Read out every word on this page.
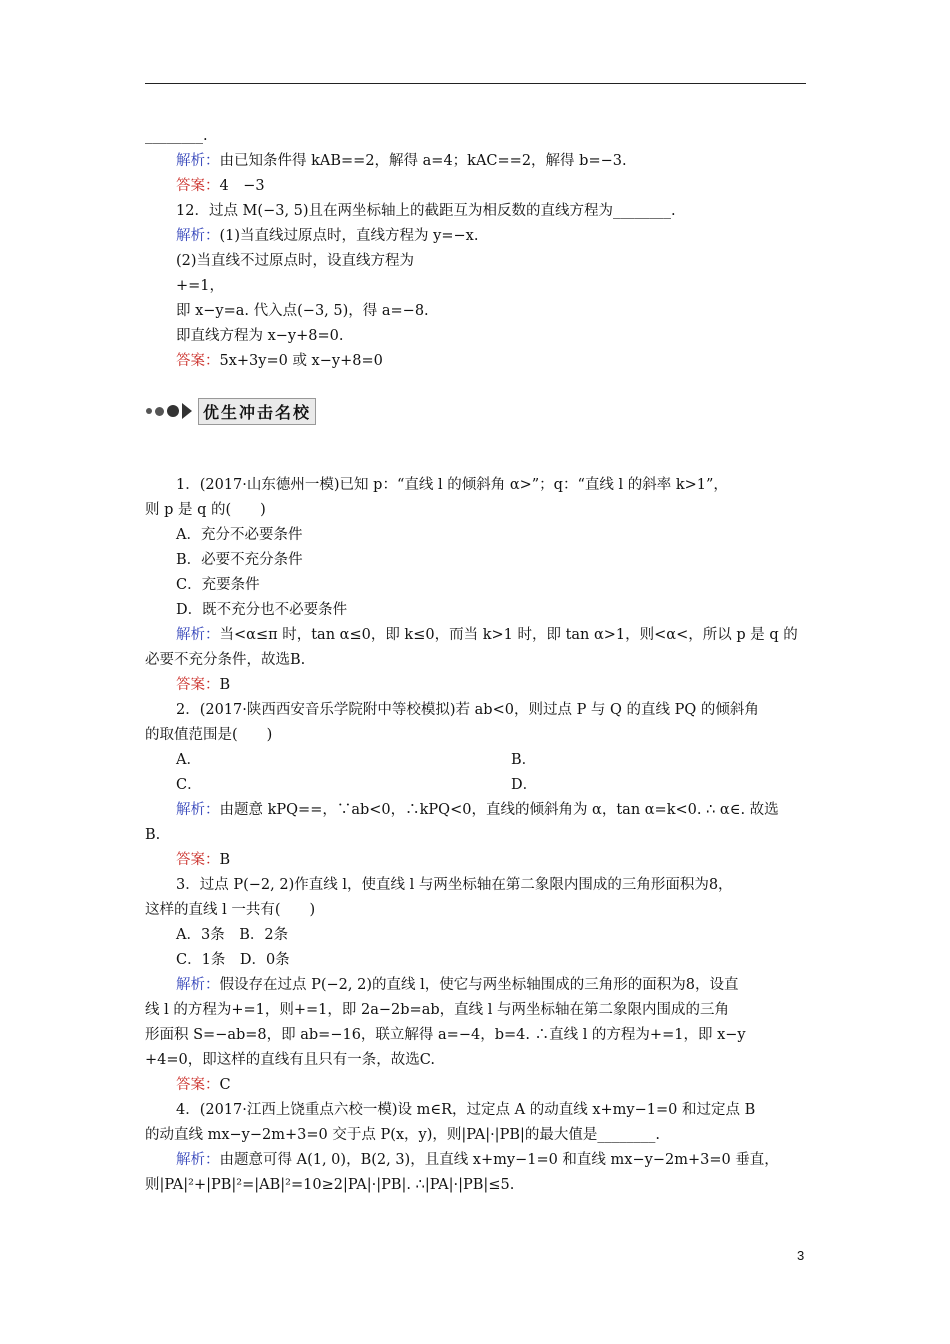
________.
解析：由已知条件得 kAB==2，解得 a=4；kAC==2，解得 b=−3.
答案：4　−3
12．过点 M(−3, 5)且在两坐标轴上的截距互为相反数的直线方程为________.
解析：(1)当直线过原点时，直线方程为 y=−x.
(2)当直线不过原点时，设直线方程为
+=1，
即 x−y=a. 代入点(−3, 5)，得 a=−8.
即直线方程为 x−y+8=0.
答案：5x+3y=0 或 x−y+8=0
优生冲击名校
1．(2017·山东德州一模)已知 p：“直线 l 的倾斜角 α>”；q：“直线 l 的斜率 k>1”，
则 p 是 q 的(　　)
A．充分不必要条件
B．必要不充分条件
C．充要条件
D．既不充分也不必要条件
解析：当<α≤π 时，tan α≤0，即 k≤0，而当 k>1 时，即 tan α>1，则<α<，所以 p 是 q 的
必要不充分条件，故选B.
答案：B
2．(2017·陕西西安音乐学院附中等校模拟)若 ab<0，则过点 P 与 Q 的直线 PQ 的倾斜角
的取值范围是(　　)
A．	B．
C．	D．
解析：由题意 kPQ==，∵ab<0，∴kPQ<0，直线的倾斜角为 α，tan α=k<0. ∴ α∈. 故选
B.
答案：B
3．过点 P(−2, 2)作直线 l，使直线 l 与两坐标轴在第二象限内围成的三角形面积为8，
这样的直线 l 一共有(　　)
A．3条　B．2条
C．1条　D．0条
解析：假设存在过点 P(−2, 2)的直线 l，使它与两坐标轴围成的三角形的面积为8，设直
线 l 的方程为+=1，则+=1，即 2a−2b=ab，直线 l 与两坐标轴在第二象限内围成的三角
形面积 S=−ab=8，即 ab=−16，联立解得 a=−4，b=4. ∴直线 l 的方程为+=1，即 x−y
+4=0，即这样的直线有且只有一条，故选C.
答案：C
4．(2017·江西上饶重点六校一模)设 m∈R，过定点 A 的动直线 x+my−1=0 和过定点 B
的动直线 mx−y−2m+3=0 交于点 P(x，y)，则|PA|·|PB|的最大值是________.
解析：由题意可得 A(1, 0)，B(2, 3)，且直线 x+my−1=0 和直线 mx−y−2m+3=0 垂直，
则|PA|²+|PB|²=|AB|²=10≥2|PA|·|PB|. ∴|PA|·|PB|≤5.
3
